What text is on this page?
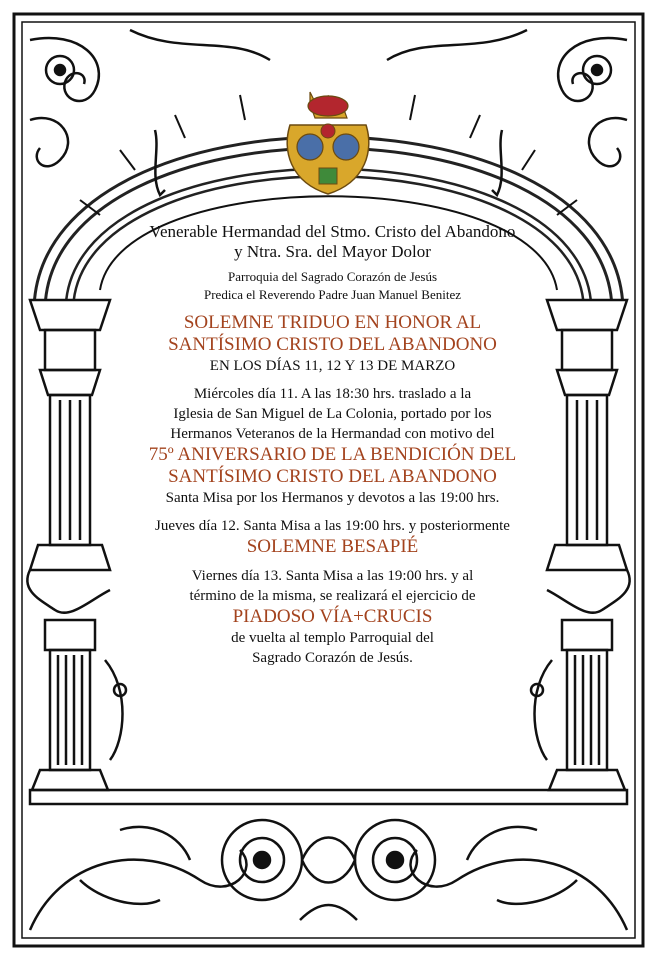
Venerable Hermandad del Stmo. Cristo del Abandono
y Ntra. Sra. del Mayor Dolor
Parroquia del Sagrado Corazón de Jesús
Predica el Reverendo Padre Juan Manuel Benitez
SOLEMNE TRIDUO EN HONOR AL
SANTÍSIMO CRISTO DEL ABANDONO
EN LOS DÍAS 11, 12 Y 13 DE MARZO
Miércoles día 11. A las 18:30 hrs. traslado a la
Iglesia de San Miguel de La Colonia, portado por los
Hermanos Veteranos de la Hermandad con motivo del
75º ANIVERSARIO DE LA BENDICIÓN DEL
SANTÍSIMO CRISTO DEL ABANDONO
Santa Misa por los Hermanos y devotos a las 19:00 hrs.
Jueves día 12. Santa Misa a las 19:00 hrs. y posteriormente
SOLEMNE BESAPIÉ
Viernes día 13. Santa Misa a las 19:00 hrs. y al
término de la misma, se realizará el ejercicio de
PIADOSO VÍA+CRUCIS
de vuelta al templo Parroquial del
Sagrado Corazón de Jesús.
